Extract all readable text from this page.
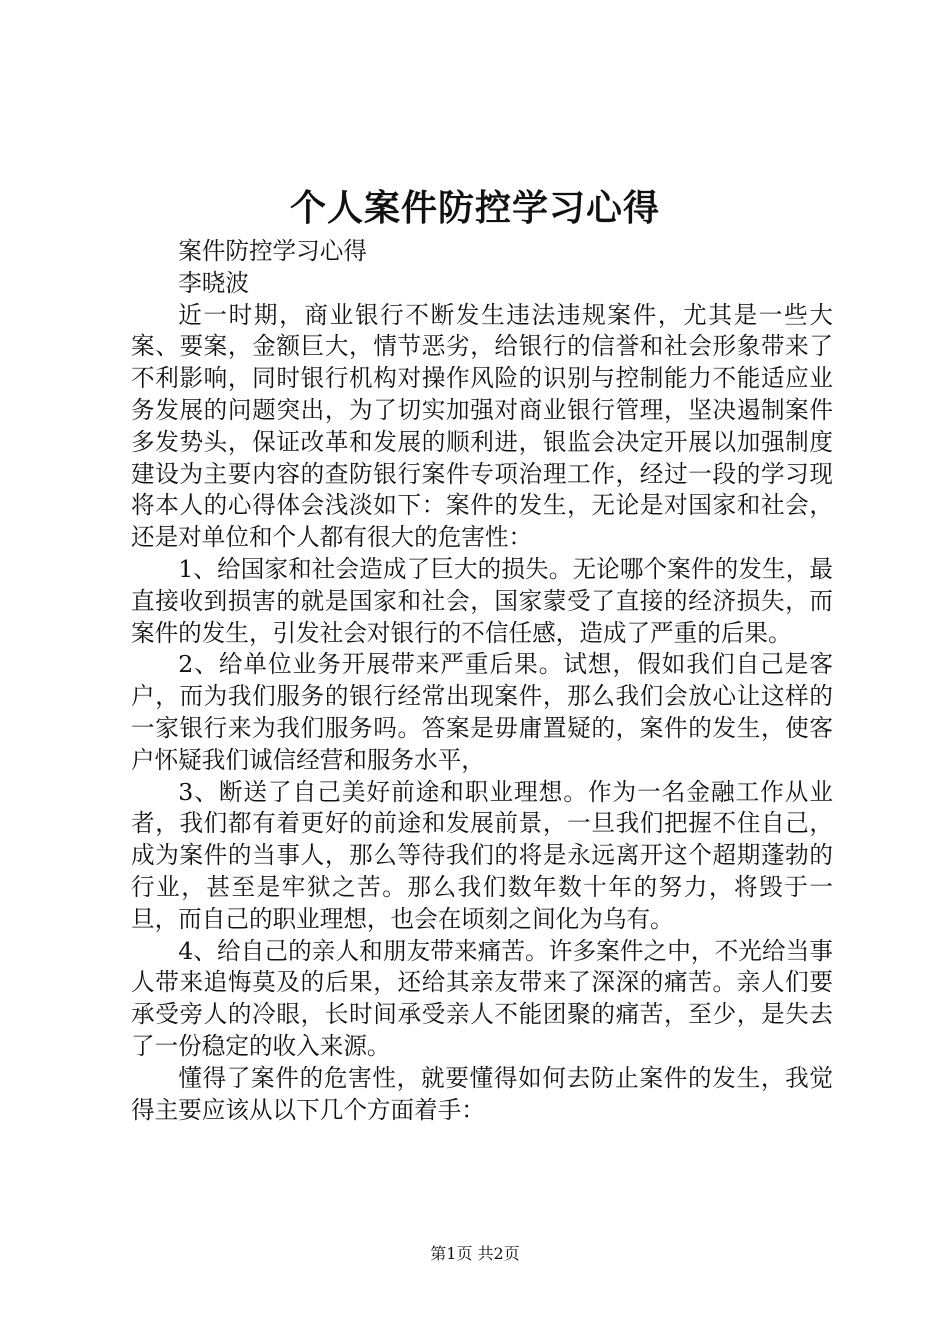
个人案件防控学习心得

案件防控学习心得

李晓波

近一时期，商业银行不断发生违法违规案件，尤其是一些大案、要案，金额巨大，情节恶劣，给银行的信誉和社会形象带来了不利影响，同时银行机构对操作风险的识别与控制能力不能适应业务发展的问题突出，为了切实加强对商业银行管理，坚决遏制案件多发势头，保证改革和发展的顺利进，银监会决定开展以加强制度建设为主要内容的查防银行案件专项治理工作，经过一段的学习现将本人的心得体会浅淡如下：案件的发生，无论是对国家和社会，还是对单位和个人都有很大的危害性：

1、给国家和社会造成了巨大的损失。无论哪个案件的发生，最直接收到损害的就是国家和社会，国家蒙受了直接的经济损失，而案件的发生，引发社会对银行的不信任感，造成了严重的后果。

2、给单位业务开展带来严重后果。试想，假如我们自己是客户，而为我们服务的银行经常出现案件，那么我们会放心让这样的一家银行来为我们服务吗。答案是毋庸置疑的，案件的发生，使客户怀疑我们诚信经营和服务水平，

3、断送了自己美好前途和职业理想。作为一名金融工作从业者，我们都有着更好的前途和发展前景，一旦我们把握不住自己，成为案件的当事人，那么等待我们的将是永远离开这个超期蓬勃的行业，甚至是牢狱之苦。那么我们数年数十年的努力，将毁于一旦，而自己的职业理想，也会在顷刻之间化为乌有。

4、给自己的亲人和朋友带来痛苦。许多案件之中，不光给当事人带来追悔莫及的后果，还给其亲友带来了深深的痛苦。亲人们要承受旁人的冷眼，长时间承受亲人不能团聚的痛苦，至少，是失去了一份稳定的收入来源。

懂得了案件的危害性，就要懂得如何去防止案件的发生，我觉得主要应该从以下几个方面着手：

第1页 共2页
